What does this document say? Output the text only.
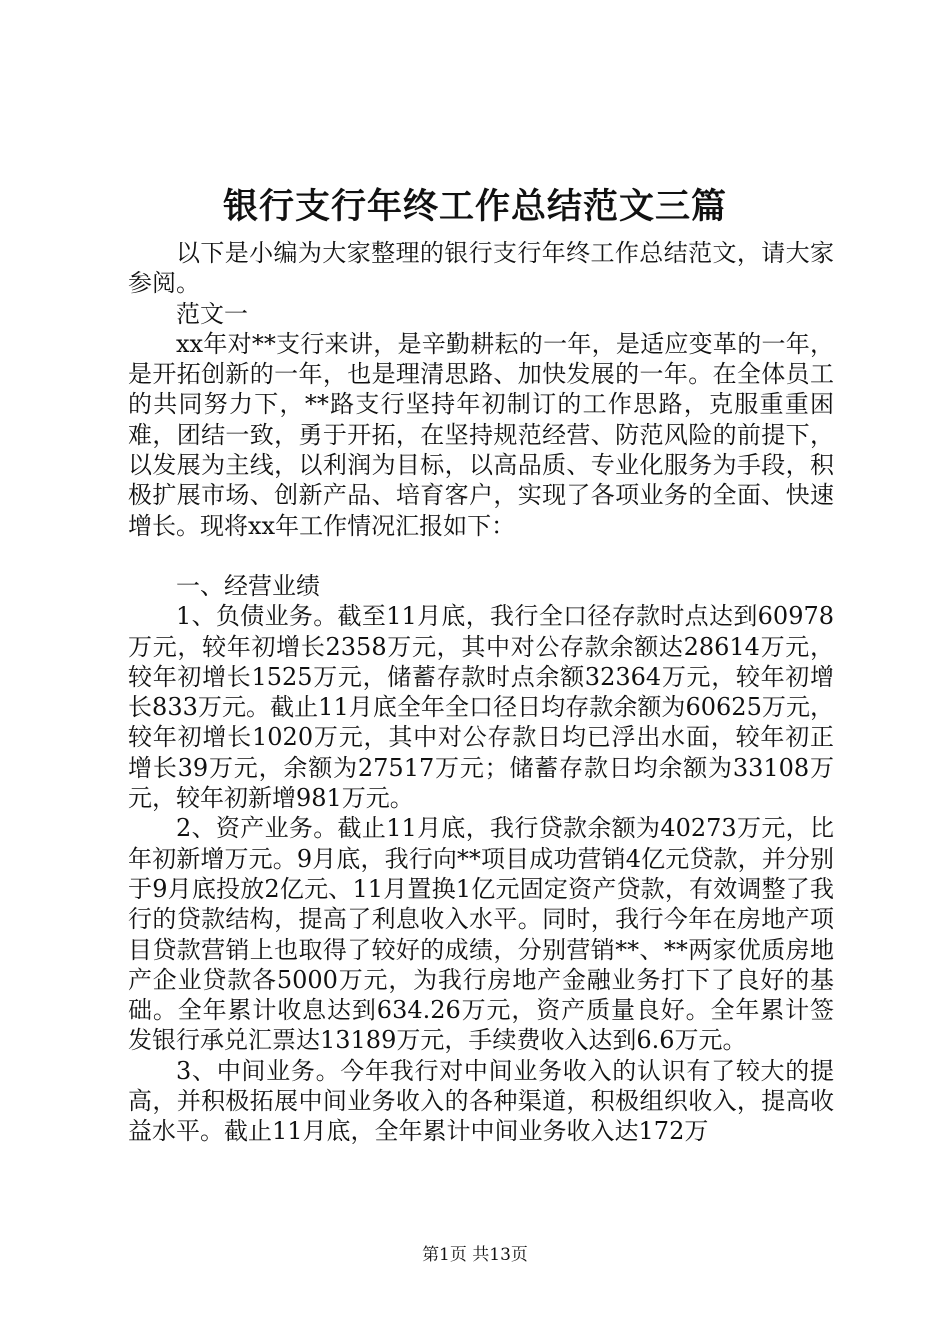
银行支行年终工作总结范文三篇

以下是小编为大家整理的银行支行年终工作总结范文，请大家参阅。

范文一

xx年对**支行来讲，是辛勤耕耘的一年，是适应变革的一年，是开拓创新的一年，也是理清思路、加快发展的一年。在全体员工的共同努力下，**路支行坚持年初制订的工作思路，克服重重困难，团结一致，勇于开拓，在坚持规范经营、防范风险的前提下，以发展为主线，以利润为目标，以高品质、专业化服务为手段，积极扩展市场、创新产品、培育客户，实现了各项业务的全面、快速增长。现将xx年工作情况汇报如下：

一、经营业绩

1、负债业务。截至11月底，我行全口径存款时点达到60978万元，较年初增长2358万元，其中对公存款余额达28614万元，较年初增长1525万元，储蓄存款时点余额32364万元，较年初增长833万元。截止11月底全年全口径日均存款余额为60625万元，较年初增长1020万元，其中对公存款日均已浮出水面，较年初正增长39万元，余额为27517万元；储蓄存款日均余额为33108万元，较年初新增981万元。

2、资产业务。截止11月底，我行贷款余额为40273万元，比年初新增万元。9月底，我行向**项目成功营销4亿元贷款，并分别于9月底投放2亿元、11月置换1亿元固定资产贷款，有效调整了我行的贷款结构，提高了利息收入水平。同时，我行今年在房地产项目贷款营销上也取得了较好的成绩，分别营销**、**两家优质房地产企业贷款各5000万元，为我行房地产金融业务打下了良好的基础。全年累计收息达到634.26万元，资产质量良好。全年累计签发银行承兑汇票达13189万元，手续费收入达到6.6万元。

3、中间业务。今年我行对中间业务收入的认识有了较大的提高，并积极拓展中间业务收入的各种渠道，积极组织收入，提高收益水平。截止11月底，全年累计中间业务收入达172万

第1页 共13页
